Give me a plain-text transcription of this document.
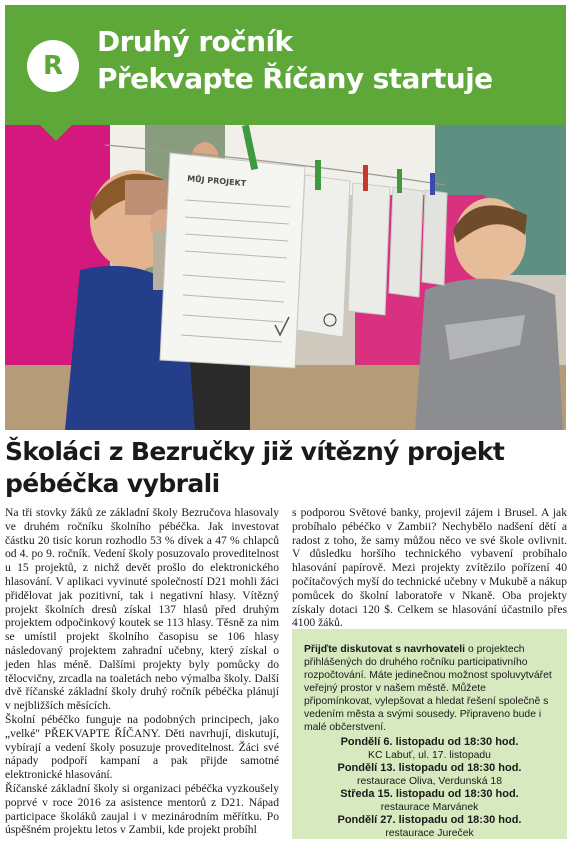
R
Druhý ročník
Překvapte Říčany startuje
MŮJ PROJEKT
Školáci z Bezručky již vítězný projekt
pébéčka vybrali

Na tři stovky žáků ze základní školy Bezručova hlasovaly ve druhém ročníku školního pébéčka. Jak investovat částku 20 tisíc korun rozhodlo 53 % dívek a 47 % chlapců od 4. po 9. ročník. Vedení školy posuzovalo proveditelnost u 15 projektů, z nichž devět prošlo do elektronického hlasování. V aplikaci vyvinuté společností D21 mohli žáci přidělovat jak pozitivní, tak i negativní hlasy. Vítězný projekt školních dresů získal 137 hlasů před druhým projektem odpočinkový koutek se 113 hlasy. Těsně za nim se umístil projekt školního časopisu se 106 hlasy následovaný projektem zahradní učebny, který získal o jeden hlas méně. Dalšími projekty byly pomůcky do tělocvičny, zrcadla na toaletách nebo výmalba školy. Další dvě říčanské základní školy druhý ročník pébéčka plánují v nejbližších měsících.

Školní pébéčko funguje na podobných principech, jako „velké" PŘEKVAPTE ŘÍČANY. Děti navrhují, diskutují, vybírají a vedení školy posuzuje proveditelnost. Žáci své nápady podpoří kampaní a pak přijde samotné elektronické hlasování.

Říčanské základní školy si organizaci pébéčka vyzkoušely poprvé v roce 2016 za asistence mentorů z D21. Nápad participace školáků zaujal i v mezinárodním měřítku. Po úspěšném projektu letos v Zambii, kde projekt probíhl

s podporou Světové banky, projevil zájem i Brusel. A jak probíhalo pébéčko v Zambii? Nechybělo nadšení dětí a radost z toho, že samy můžou něco ve své škole ovlivnit. V důsledku horšího technického vybavení probíhalo hlasování papírově. Mezi projekty zvítězilo pořízení 40 počítačových myší do technické učebny v Mukubě a nákup pomůcek do školní laboratoře v Nkaně. Oba projekty získaly dotaci 120 $. Celkem se hlasování účastnilo přes 4100 žáků.

Přijďte diskutovat s navrhovateli o projektech přihlášených do druhého ročníku participativního rozpočtování. Máte jedinečnou možnost spoluvytvářet veřejný prostor v našem městě. Můžete připomínkovat, vylepšovat a hledat řešení společně s vedením města a svými sousedy. Připraveno bude i malé občerstvení.
Pondělí 6. listopadu od 18:30 hod.
KC Labuť, ul. 17. listopadu
Pondělí 13. listopadu od 18:30 hod.
restaurace Oliva, Verdunská 18
Středa 15. listopadu od 18:30 hod.
restaurace Marvánek
Pondělí 27. listopadu od 18:30 hod.
restaurace Jureček
